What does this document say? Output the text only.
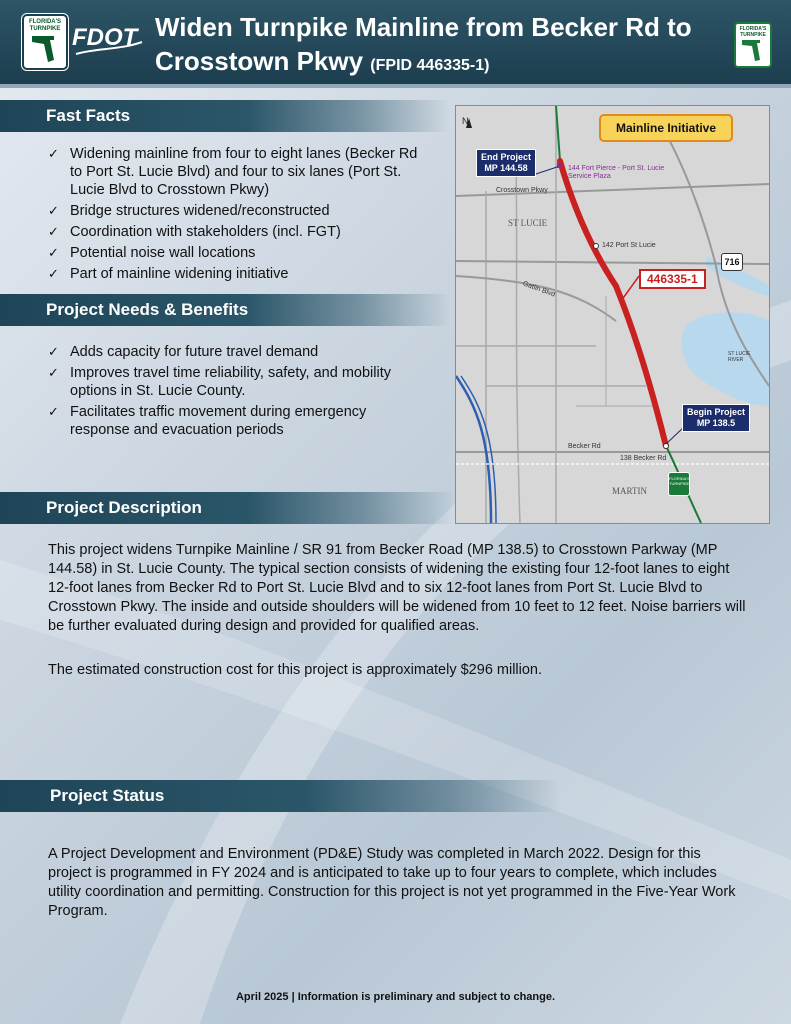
FLORIDA'S TURNPIKE FDOT Widen Turnpike Mainline from Becker Rd to Crosstown Pkwy (FPID 446335-1)
FLORIDA'S TURNPIKE
Fast Facts
✓ Widening mainline from four to eight lanes (Becker Rd to Port St. Lucie Blvd) and four to six lanes (Port St. Lucie Blvd to Crosstown Pkwy)
✓ Bridge structures widened/reconstructed
✓ Coordination with stakeholders (incl. FGT)
✓ Potential noise wall locations
✓ Part of mainline widening initiative
Project Needs & Benefits
✓ Adds capacity for future travel demand
✓ Improves travel time reliability, safety, and mobility options in St. Lucie County.
✓ Facilitates traffic movement during emergency response and evacuation periods
N	Mainline Initiative
End Project
MP 144.58	144 Fort Pierce - Port St. Lucie Service Plaza
Crosstown Pkwy
ST LUCIE
142 Port St Lucie
716
446335-1
Gatlin Blvd
ST LUCIE RIVER
Begin Project
MP 138.5
Becker Rd
138 Becker Rd
FLORIDA'S TURNPIKE
MARTIN
Project Description
This project widens Turnpike Mainline / SR 91 from Becker Road (MP 138.5) to Crosstown Parkway (MP 144.58) in St. Lucie County. The typical section consists of widening the existing four 12-foot lanes to eight 12-foot lanes from Becker Rd to Port St. Lucie Blvd and to six 12-foot lanes from Port St. Lucie Blvd to Crosstown Pkwy. The inside and outside shoulders will be widened from 10 feet to 12 feet. Noise barriers will be further evaluated during design and provided for qualified areas.
The estimated construction cost for this project is approximately $296 million.
Project Status
A Project Development and Environment (PD&E) Study was completed in March 2022. Design for this project is programmed in FY 2024 and is anticipated to take up to four years to complete, which includes utility coordination and permitting. Construction for this project is not yet programmed in the Five-Year Work Program.
April 2025 | Information is preliminary and subject to change.
